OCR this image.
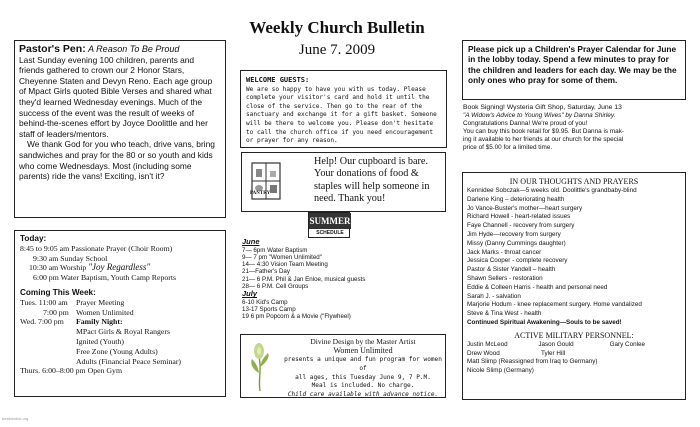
Weekly Church Bulletin
June 7. 2009
Pastor's Pen: A Reason To Be Proud

Last Sunday evening 100 children, parents and friends gathered to crown our 2 Honor Stars, Cheyenne Staten and Devyn Reno. Each age group of Mpact Girls quoted Bible Verses and shared what they'd learned Wednesday evenings. Much of the success of the event was the result of weeks of behind-the-scenes effort by Joyce Doolittle and her staff of leaders/mentors.

We thank God for you who teach, drive vans, bring sandwiches and pray for the 80 or so youth and kids who come Wednesdays. Most (including some parents) ride the vans! Exciting, isn't it?

WELCOME GUESTS:
We are so happy to have you with us today. Please complete your visitor's card and hold it until the close of the service. Then go to the rear of the sanctuary and exchange it for a gift basket. Someone will be there to welcome you. Please don't hesitate to call the church office if you need encouragement or prayer for any reason.
PANTRY
Help! Our cupboard is bare. Your donations of food & staples will help someone in need. Thank you!
SUMMER
SCHEDULE
June
7— 6pm Water Baptism
9— 7 pm "Women Unlimited"
14— 4:30 Vision Team Meeting
21—Father's Day
21— 6 P.M. Phil & Jan Enloe, musical guests
28— 6 P.M. Cell Groups
July
6-10 Kid's Camp
13-17 Sports Camp
19 6 pm Popcorn & a Movie ("Flywheel)
Divine Design by the Master Artist
Women Unlimited
presents a unique and fun program for women of
all ages, this Tuesday June 9, 7 P.M.
Meal is included. No charge.
Child care available with advance notice.
Please pick up a Children's Prayer Calendar for June in the lobby today. Spend a few minutes to pray for the children and leaders for each day. We may be the only ones who pray for some of them.
Book Signing! Wysteria Gift Shop, Saturday, June 13
"A Widow's Advice to Young Wives" by Danna Shirley.
Congratulations Danna! We're proud of you!
You can buy this book retail for $9.95. But Danna is mak-
ing it available to her friends at our church for the special
price of $5.00 for a limited time.
IN OUR THOUGHTS AND PRAYERS
Kennidee Sobczak—5 weeks old. Doolittle's grandbaby-blind
Darlene King – deteriorating health
Jo Vance-Buster's mother—heart surgery
Richard Howell - heart-related issues
Faye Channell - recovery from surgery
Jim Hyde—recovery from surgery
Missy (Danny Cummings daughter)
Jack Marks - throat cancer
Jessica Cooper - complete recovery
Pastor & Sister Yandell – health
Shawn Sellers - restoration
Eddie & Colleen Harris - health and personal need
Sarah J. - salvation
Marjorie Hodum - knee replacement surgery. Home vandalized
Steve & Tina West - health
Continued Spiritual Awakening—Souls to be saved!
ACTIVE MILITARY PERSONNEL:
Justin McLeod	Jason Gould	Gary Conlee
Drew Wood	Tyler Hill
Matt Slimp (Reassigned from Iraq to Germany)
Nicole Slimp (Germany)
Today:
8:45 to 9:05 am Passionate Prayer (Choir Room)
9:30 am Sunday School
10:30 am Worship "Joy Regardless"
6:00 pm Water Baptism, Youth Camp Reports
Coming This Week:
Tues. 11:00 am	Prayer Meeting
7:00 pm Women Unlimited
Wed. 7:00 pm	Family Night:
MPact Girls & Royal Rangers
Ignited (Youth)
Free Zone (Young Adults)
Adults (Financial Peace Seminar)
Thurs. 6:00–8:00 pm Open Gym
bestlandlot.org
